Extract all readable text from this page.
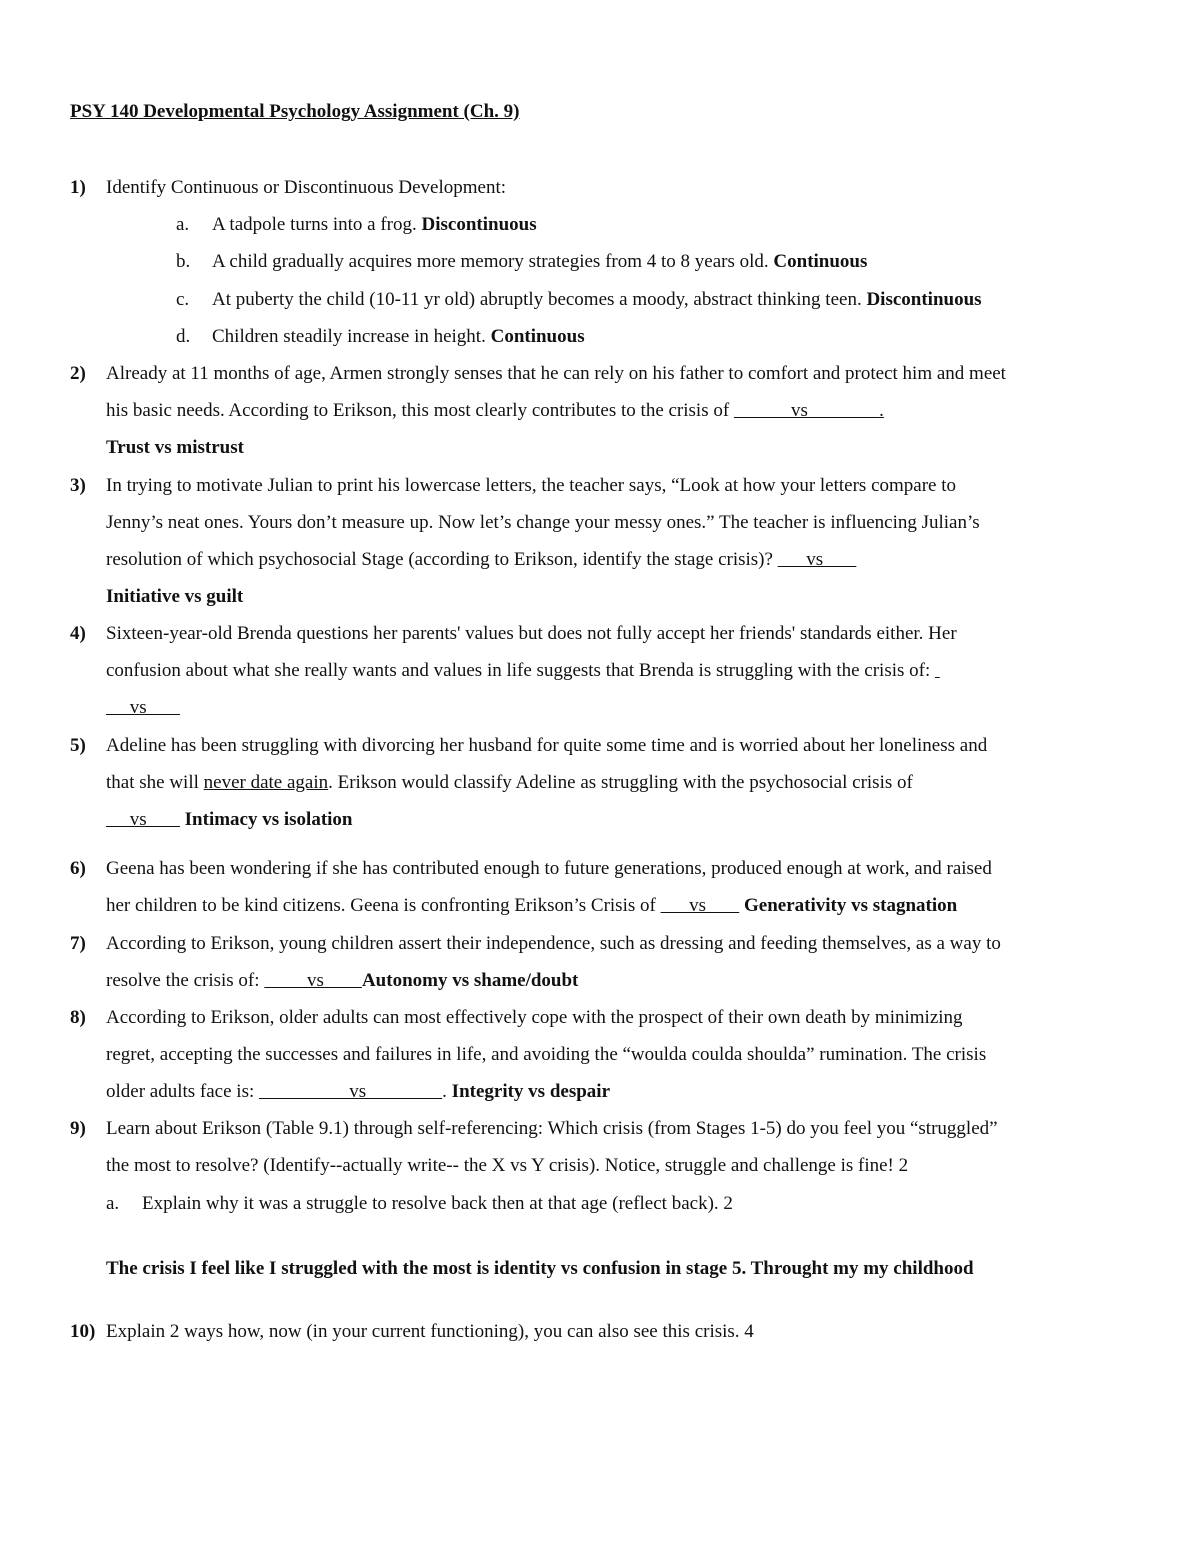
PSY 140 Developmental Psychology Assignment (Ch. 9)
1) Identify Continuous or Discontinuous Development:
a. A tadpole turns into a frog. Discontinuous
b. A child gradually acquires more memory strategies from 4 to 8 years old. Continuous
c. At puberty the child (10-11 yr old) abruptly becomes a moody, abstract thinking teen. Discontinuous
d. Children steadily increase in height. Continuous
2) Already at 11 months of age, Armen strongly senses that he can rely on his father to comfort and protect him and meet
his basic needs. According to Erikson, this most clearly contributes to the crisis of             vs               .
Trust vs mistrust
3) In trying to motivate Julian to print his lowercase letters, the teacher says, “Look at how your letters compare to
Jenny’s neat ones. Yours don’t measure up. Now let’s change your messy ones.” The teacher is influencing Julian’s
resolution of which psychosocial Stage (according to Erikson, identify the stage crisis)?       vs
Initiative vs guilt
4) Sixteen-year-old Brenda questions her parents' values but does not fully accept her friends' standards either. Her
confusion about what she really wants and values in life suggests that Brenda is struggling with the crisis of:
vs
5) Adeline has been struggling with divorcing her husband for quite some time and is worried about her loneliness and
that she will never date again. Erikson would classify Adeline as struggling with the psychosocial crisis of
vs        Intimacy vs isolation
6) Geena has been wondering if she has contributed enough to future generations, produced enough at work, and raised
her children to be kind citizens. Geena is confronting Erikson’s Crisis of       vs        Generativity vs stagnation
7) According to Erikson, young children assert their independence, such as dressing and feeding themselves, as a way to
resolve the crisis of:          vs        Autonomy vs shame/doubt
8) According to Erikson, older adults can most effectively cope with the prospect of their own death by minimizing
regret, accepting the successes and failures in life, and avoiding the “woulda coulda shoulda” rumination. The crisis
older adults face is:                    vs                . Integrity vs despair
9) Learn about Erikson (Table 9.1) through self-referencing: Which crisis (from Stages 1-5) do you feel you “struggled”
the most to resolve? (Identify--actually write-- the X vs Y crisis). Notice, struggle and challenge is fine! 2
a. Explain why it was a struggle to resolve back then at that age (reflect back). 2
The crisis I feel like I struggled with the most is identity vs confusion in stage 5. Throught my my childhood
10) Explain 2 ways how, now (in your current functioning), you can also see this crisis. 4
